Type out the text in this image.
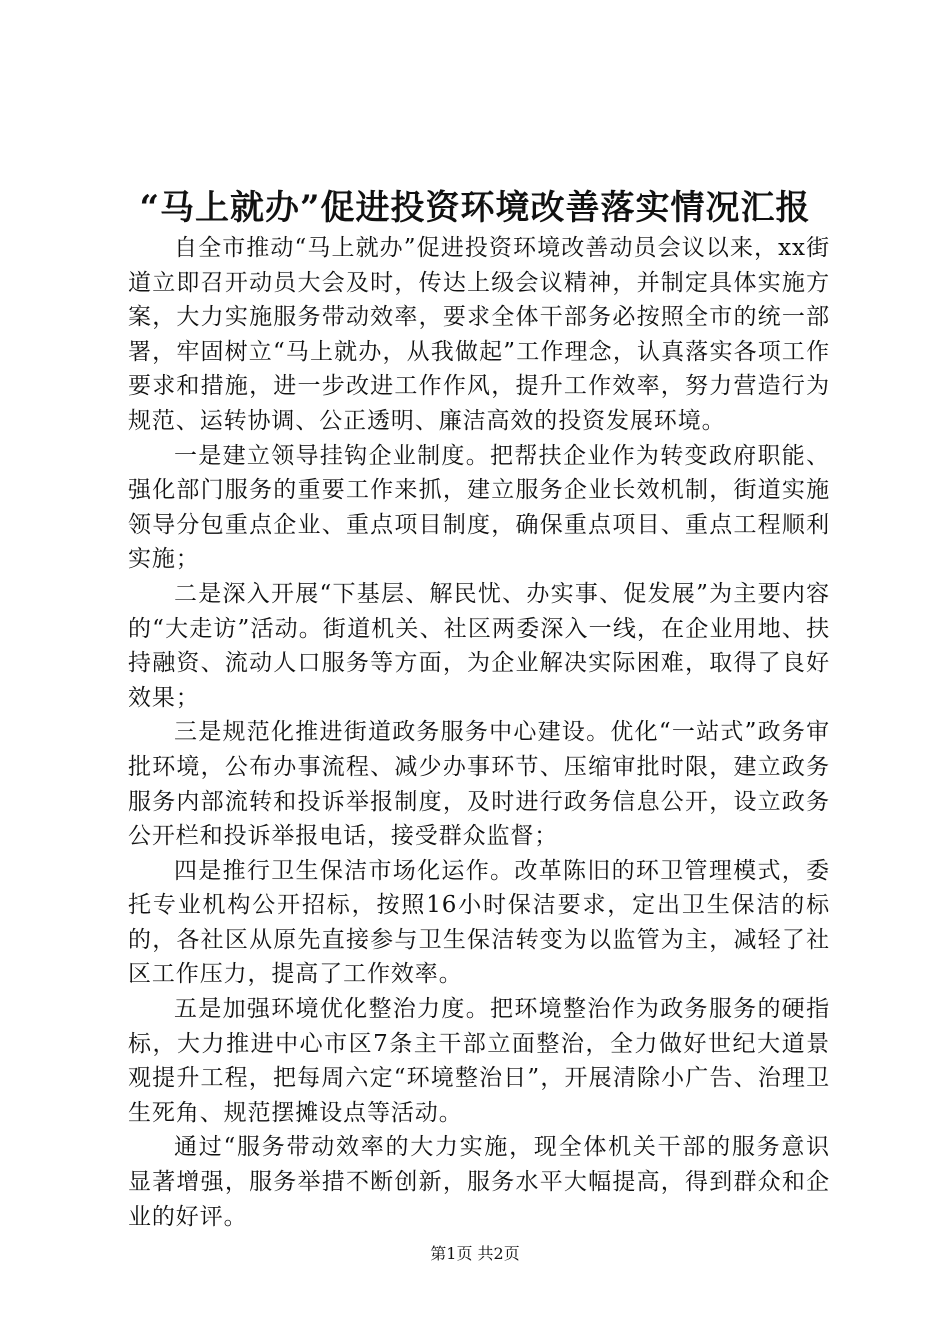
“马上就办”促进投资环境改善落实情况汇报

自全市推动“马上就办”促进投资环境改善动员会议以来，xx街道立即召开动员大会及时，传达上级会议精神，并制定具体实施方案，大力实施服务带动效率，要求全体干部务必按照全市的统一部署，牢固树立“马上就办，从我做起”工作理念，认真落实各项工作要求和措施，进一步改进工作作风，提升工作效率，努力营造行为规范、运转协调、公正透明、廉洁高效的投资发展环境。

一是建立领导挂钩企业制度。把帮扶企业作为转变政府职能、强化部门服务的重要工作来抓，建立服务企业长效机制，街道实施领导分包重点企业、重点项目制度，确保重点项目、重点工程顺利实施；

二是深入开展“下基层、解民忧、办实事、促发展”为主要内容的“大走访”活动。街道机关、社区两委深入一线，在企业用地、扶持融资、流动人口服务等方面，为企业解决实际困难，取得了良好效果；

三是规范化推进街道政务服务中心建设。优化“一站式”政务审批环境，公布办事流程、减少办事环节、压缩审批时限，建立政务服务内部流转和投诉举报制度，及时进行政务信息公开，设立政务公开栏和投诉举报电话，接受群众监督；

四是推行卫生保洁市场化运作。改革陈旧的环卫管理模式，委托专业机构公开招标，按照16小时保洁要求，定出卫生保洁的标的，各社区从原先直接参与卫生保洁转变为以监管为主，减轻了社区工作压力，提高了工作效率。

五是加强环境优化整治力度。把环境整治作为政务服务的硬指标，大力推进中心市区7条主干部立面整治，全力做好世纪大道景观提升工程，把每周六定“环境整治日”，开展清除小广告、治理卫生死角、规范摆摊设点等活动。

通过“服务带动效率的大力实施，现全体机关干部的服务意识显著增强，服务举措不断创新，服务水平大幅提高，得到群众和企业的好评。

第1页 共2页
